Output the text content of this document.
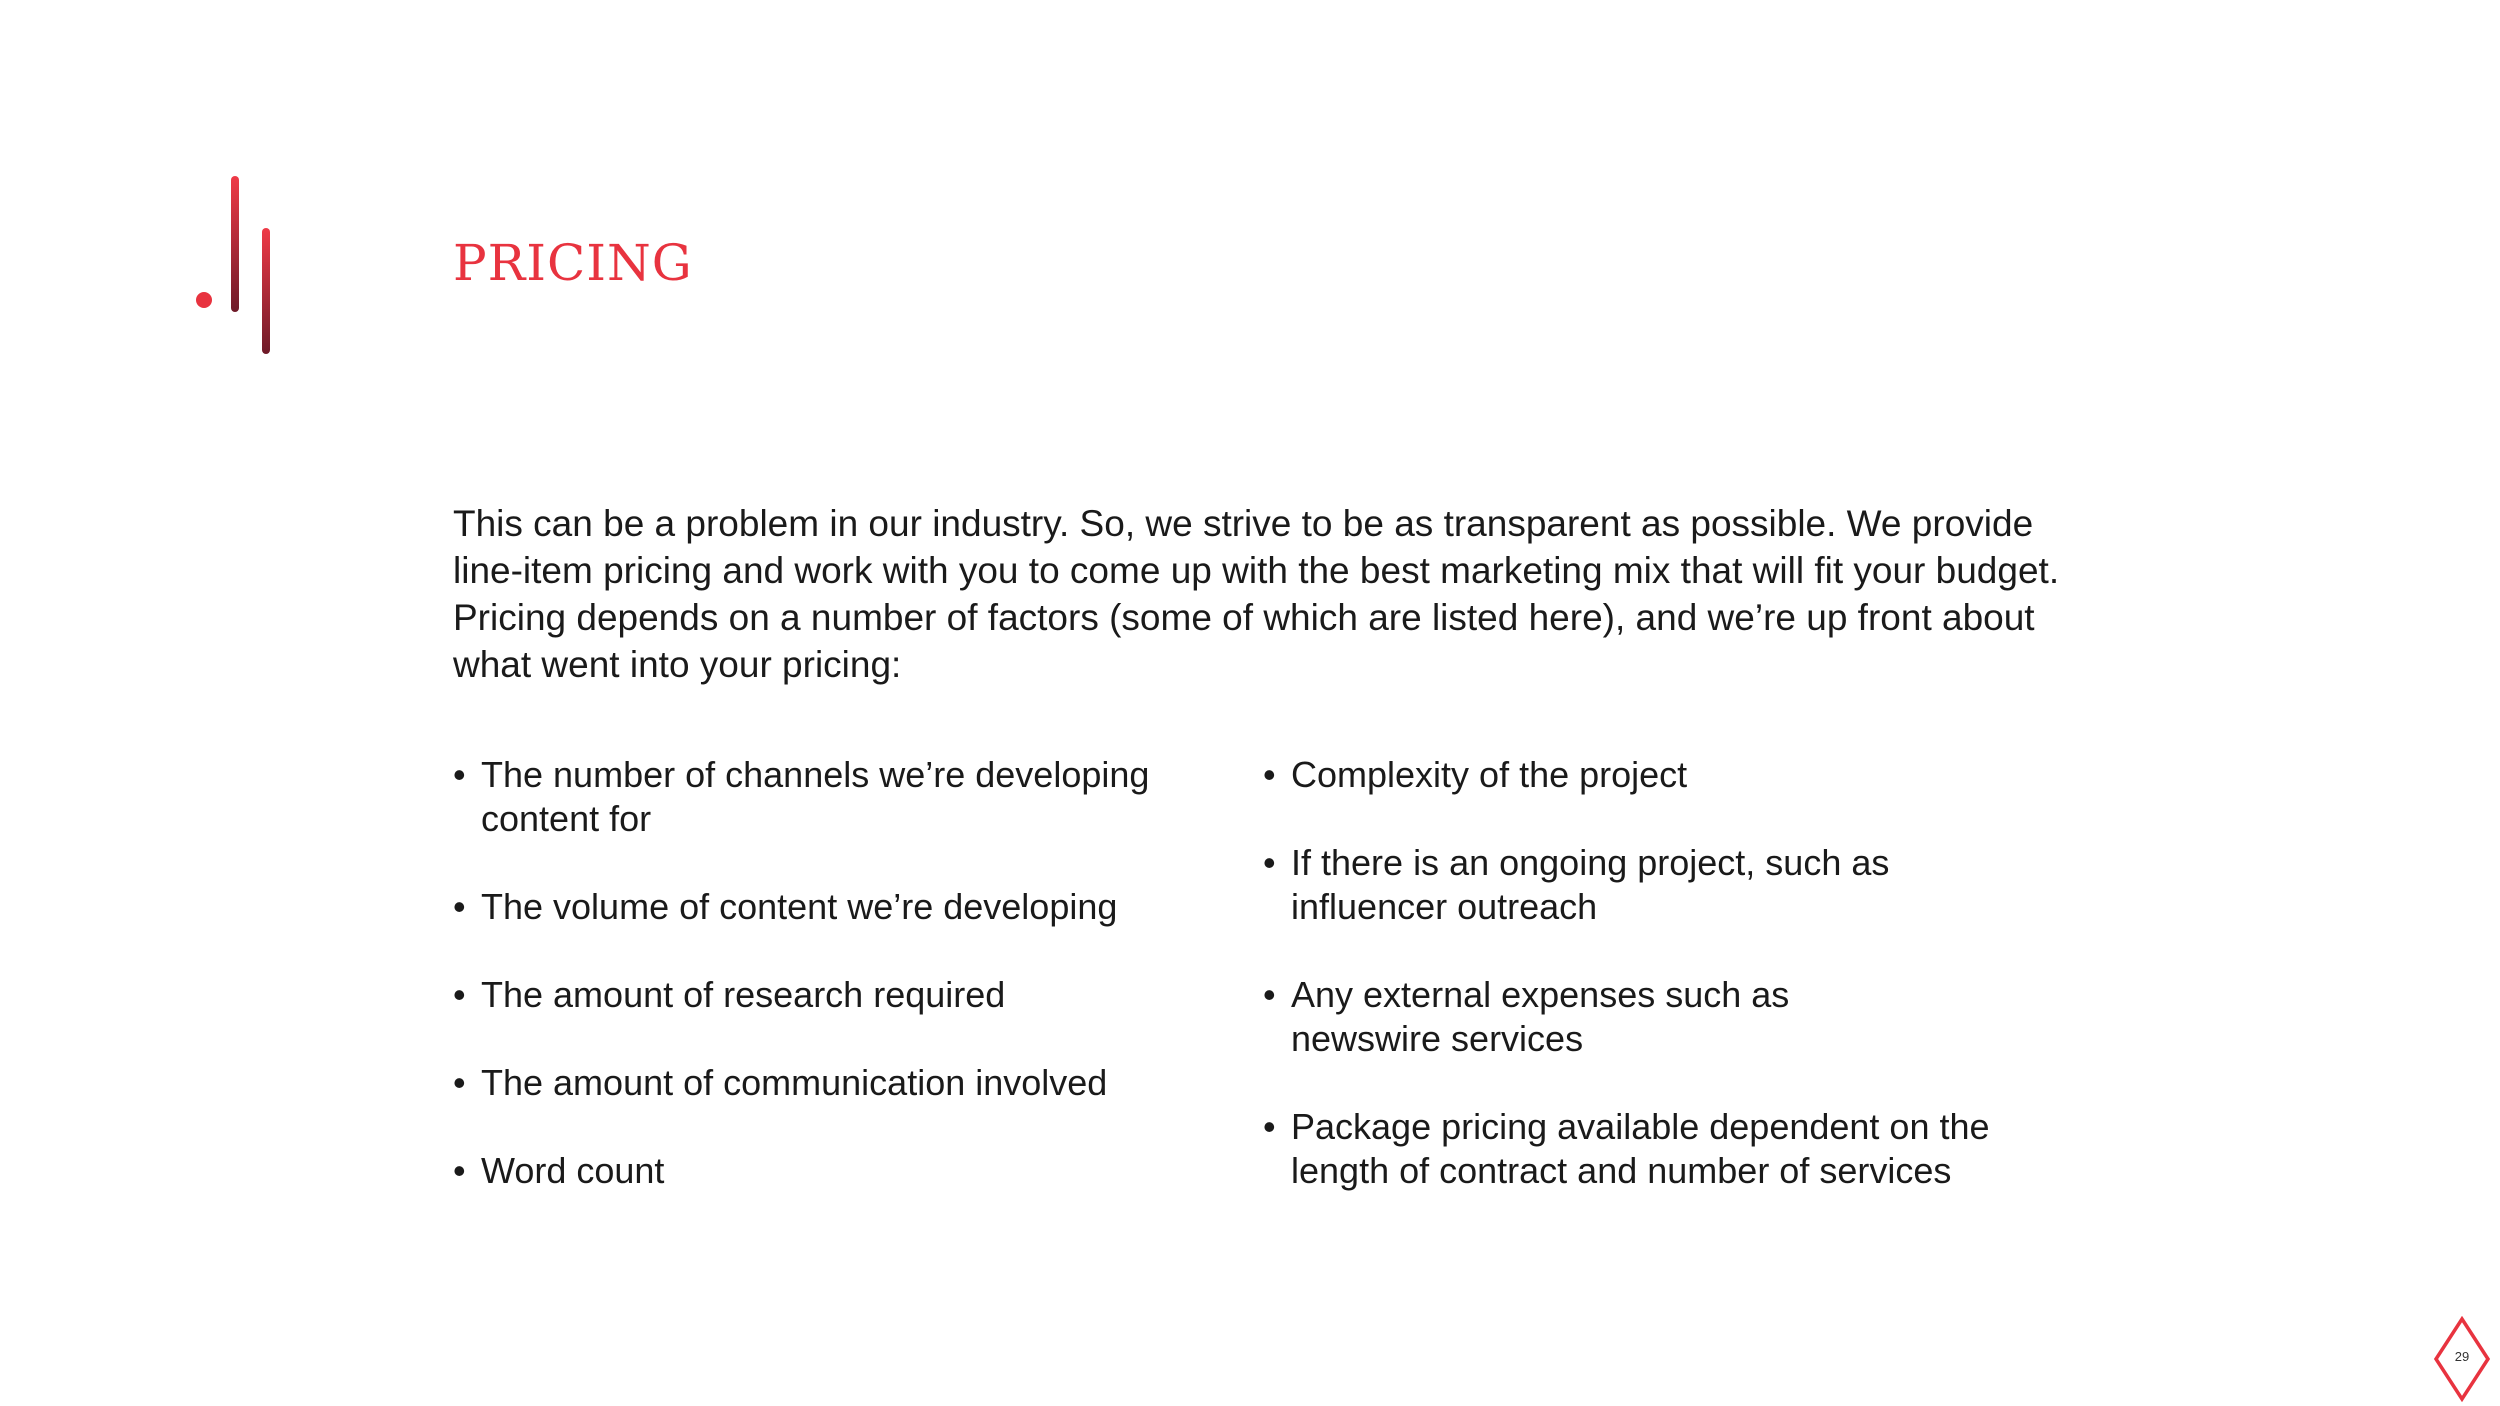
PRICING

This can be a problem in our industry. So, we strive to be as transparent as possible. We provide line-item pricing and work with you to come up with the best marketing mix that will fit your budget. Pricing depends on a number of factors (some of which are listed here), and we’re up front about what went into your pricing:

• The number of channels we’re developing content for
• The volume of content we’re developing
• The amount of research required
• The amount of communication involved
• Word count
• Complexity of the project
• If there is an ongoing project, such as influencer outreach
• Any external expenses such as newswire services
• Package pricing available dependent on the length of contract and number of services
29
